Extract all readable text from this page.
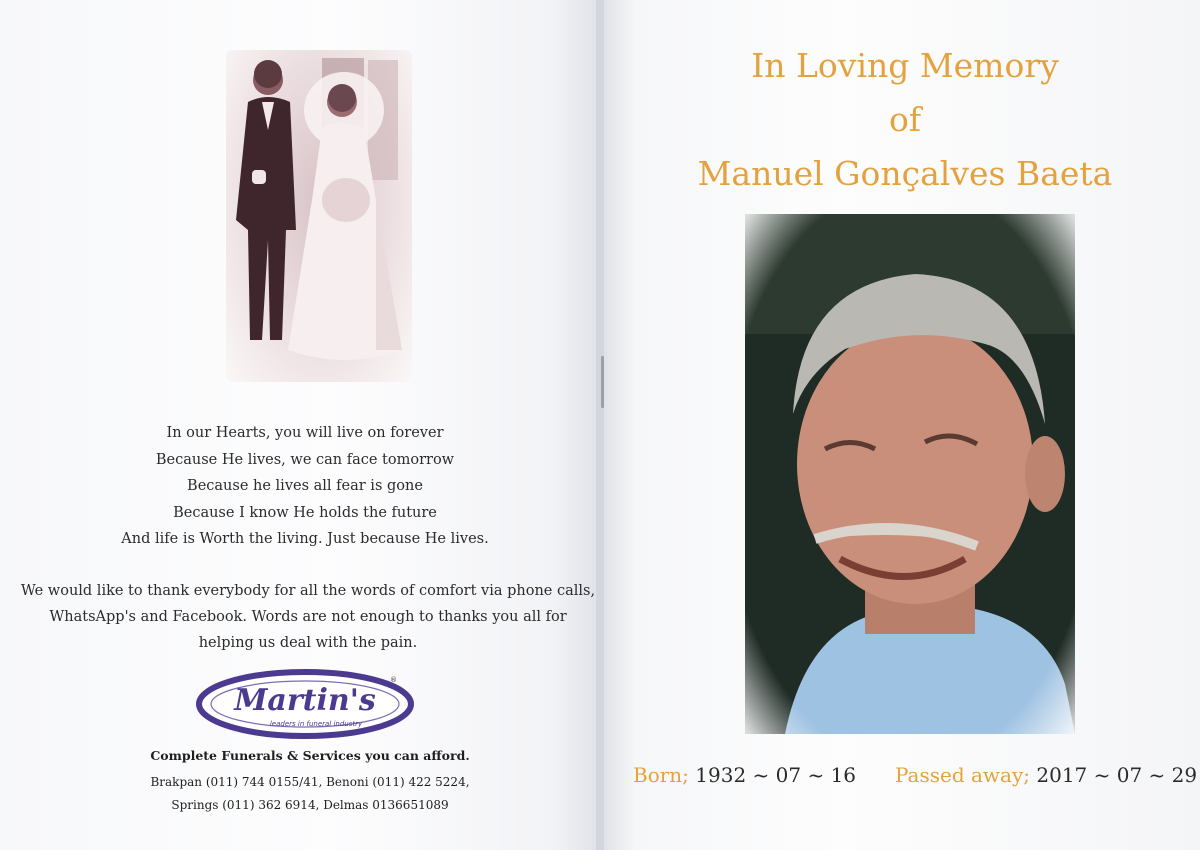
In our Hearts, you will live on forever
Because He lives, we can face tomorrow
Because he lives all fear is gone
Because I know He holds the future
And life is Worth the living. Just because He lives.
We would like to thank everybody for all the words of comfort via phone calls,
WhatsApp's and Facebook. Words are not enough to thanks you all for
helping us deal with the pain.
Martin's
leaders in funeral industry
®
Complete Funerals & Services you can afford.
Brakpan (011) 744 0155/41, Benoni (011) 422 5224,
Springs (011) 362 6914, Delmas 0136651089
In Loving Memory
of
Manuel Gonçalves Baeta
Born; 1932 ~ 07 ~ 16 Passed away; 2017 ~ 07 ~ 29
